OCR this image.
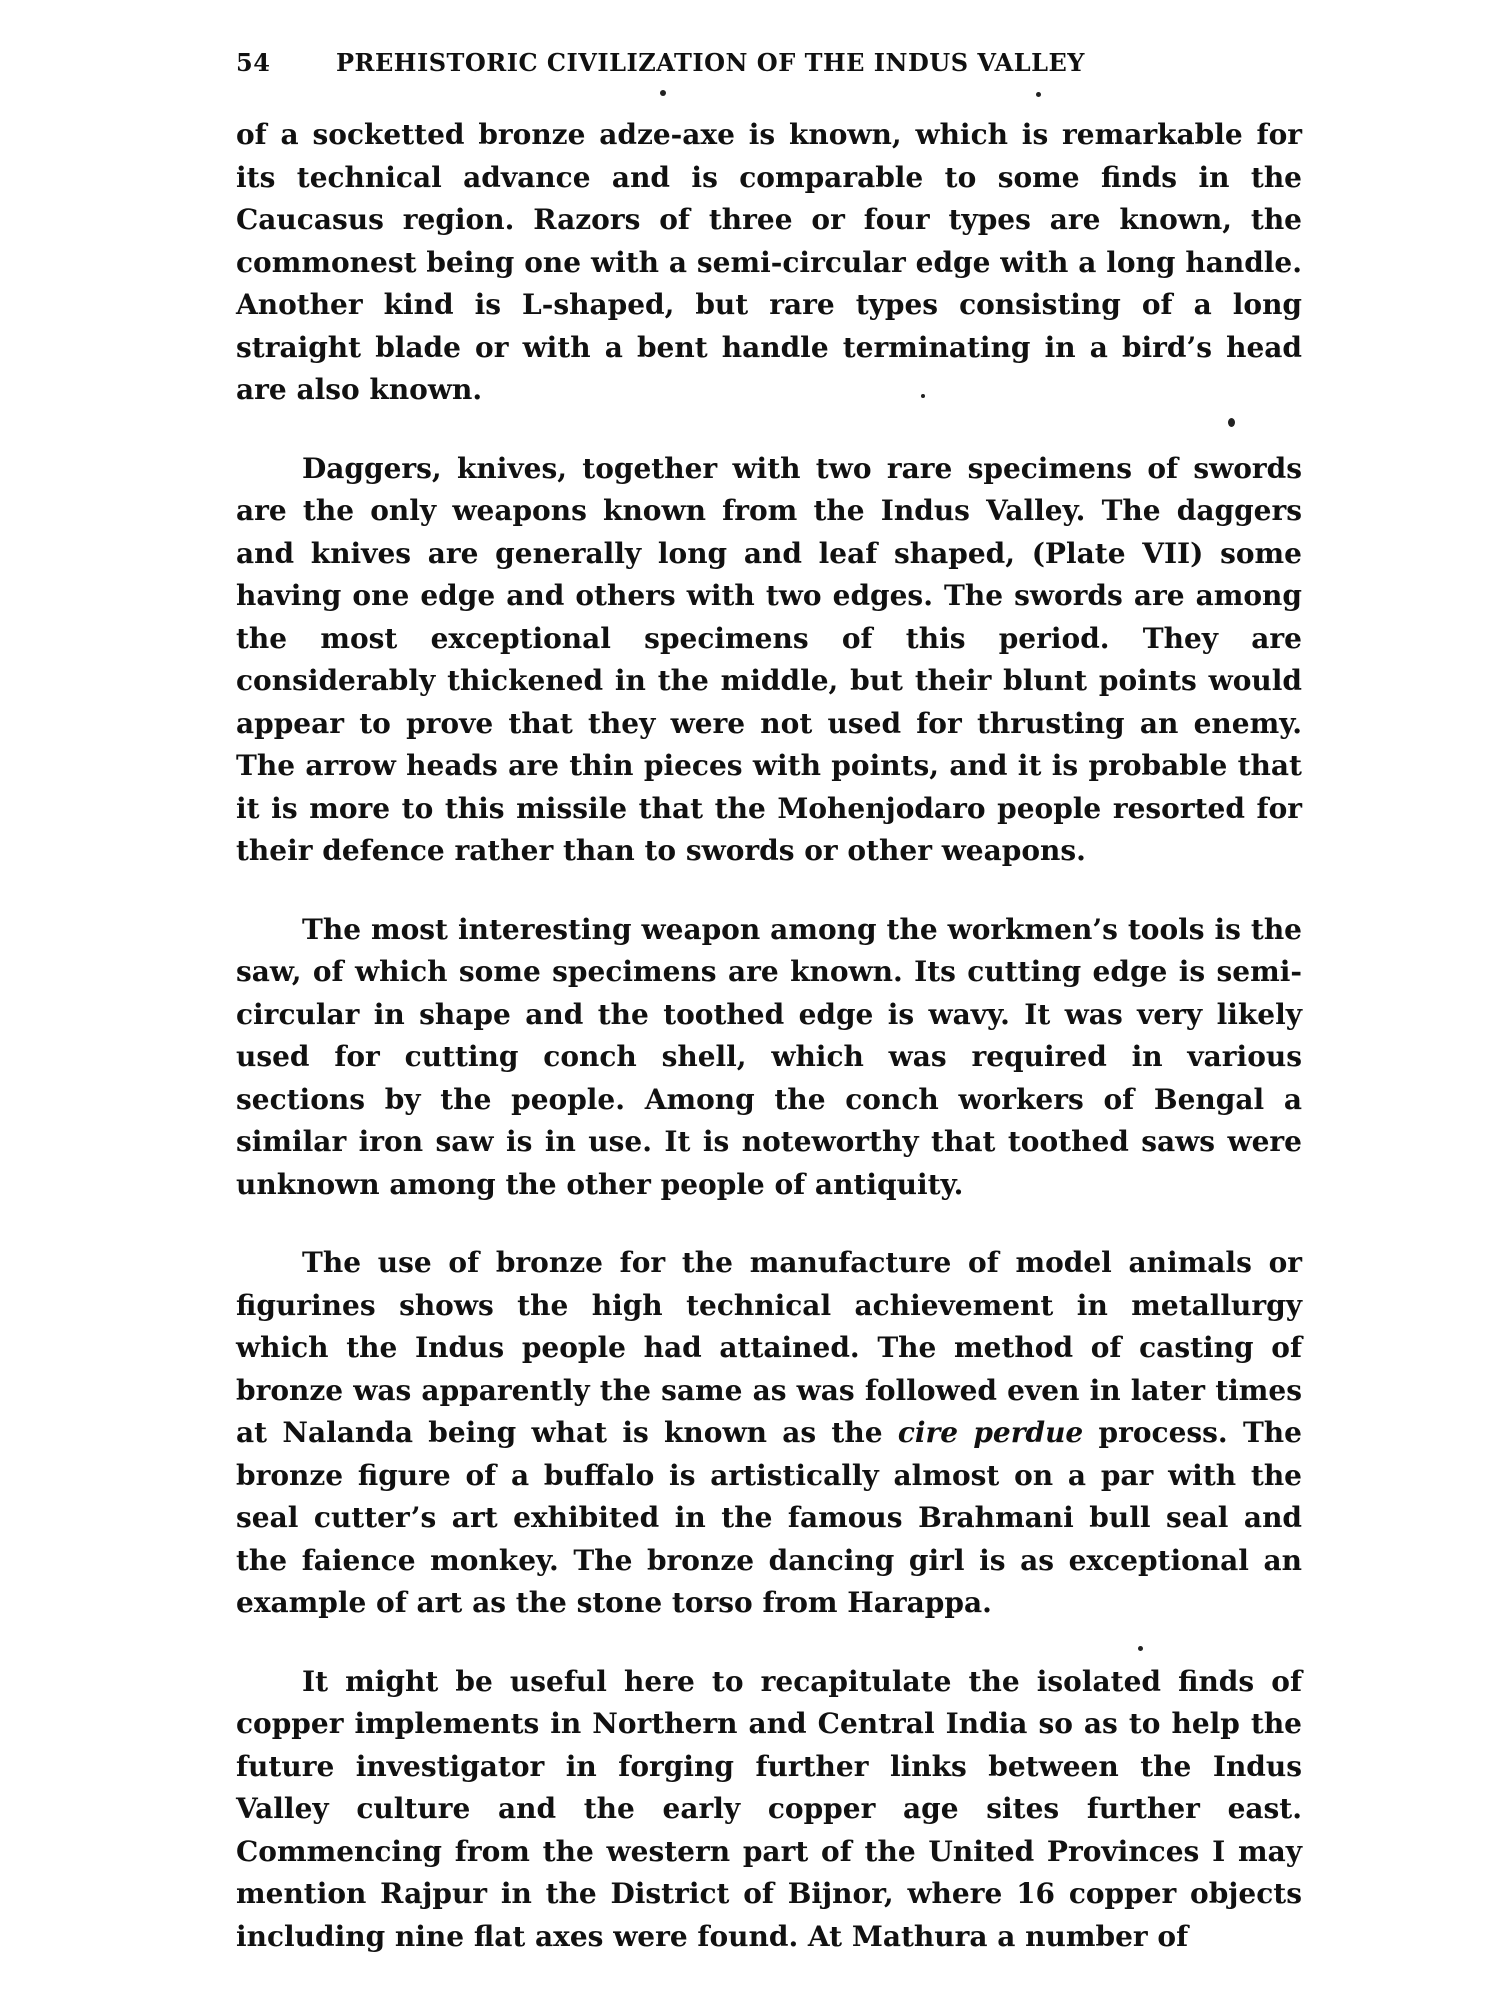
54	PREHISTORIC CIVILIZATION OF THE INDUS VALLEY

of a socketted bronze adze-axe is known, which is remarkable for its technical advance and is comparable to some finds in the Caucasus region. Razors of three or four types are known, the commonest being one with a semi-circular edge with a long handle. Another kind is L-shaped, but rare types consisting of a long straight blade or with a bent handle terminating in a bird’s head are also known.

Daggers, knives, together with two rare specimens of swords are the only weapons known from the Indus Valley. The daggers and knives are generally long and leaf shaped, (Plate VII) some having one edge and others with two edges. The swords are among the most exceptional specimens of this period. They are considerably thickened in the middle, but their blunt points would appear to prove that they were not used for thrusting an enemy. The arrow heads are thin pieces with points, and it is probable that it is more to this missile that the Mohenjodaro people resorted for their defence rather than to swords or other weapons.

The most interesting weapon among the workmen’s tools is the saw, of which some specimens are known. Its cutting edge is semi-circular in shape and the toothed edge is wavy. It was very likely used for cutting conch shell, which was required in various sections by the people. Among the conch workers of Bengal a similar iron saw is in use. It is noteworthy that toothed saws were unknown among the other people of antiquity.

The use of bronze for the manufacture of model animals or figurines shows the high technical achievement in metallurgy which the Indus people had attained. The method of casting of bronze was apparently the same as was followed even in later times at Nalanda being what is known as the cire perdue process. The bronze figure of a buffalo is artistically almost on a par with the seal cutter’s art exhibited in the famous Brahmani bull seal and the faience monkey. The bronze dancing girl is as exceptional an example of art as the stone torso from Harappa.

It might be useful here to recapitulate the isolated finds of copper implements in Northern and Central India so as to help the future investigator in forging further links between the Indus Valley culture and the early copper age sites further east. Commencing from the western part of the United Provinces I may mention Rajpur in the District of Bijnor, where 16 copper objects including nine flat axes were found. At Mathura a number of
